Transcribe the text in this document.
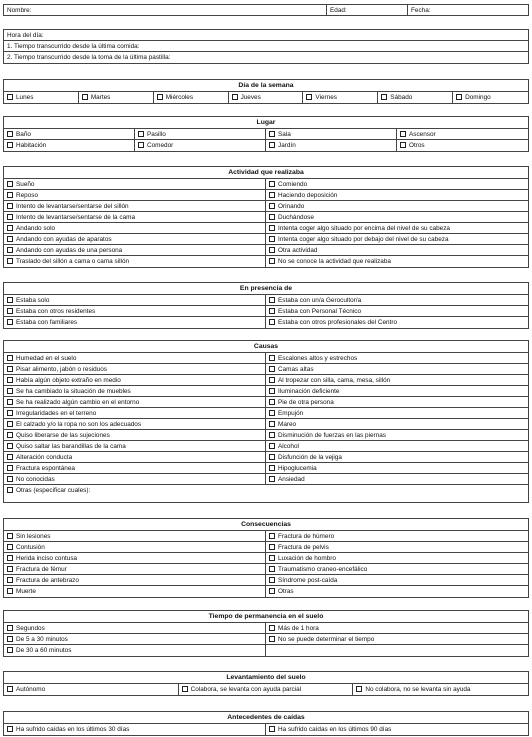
Nombre:	Edad:	Fecha:
Hora del día:
1. Tiempo transcurrido desde la última comida:
2. Tiempo transcurrido desde la toma de la última pastilla:
Día de la semana
Lunes	Martes	Miércoles	Jueves	Viernes	Sábado	Domingo
Lugar
Baño	Pasillo	Sala	Ascensor
Habitación	Comedor	Jardín	Otros
Actividad que realizaba
Sueño	Comiendo
Reposo	Haciendo deposición
Intento de levantarse/sentarse del sillón	Orinando
Intento de levantarse/sentarse de la cama	Duchándose
Andando solo	Intenta coger algo situado por encima del nivel de su cabeza
Andando con ayudas de aparatos	Intenta coger algo situado por debajo del nivel de su cabeza
Andando con ayudas de una persona	Otra actividad
Traslado del sillón a cama o cama sillón	No se conoce la actividad que realizaba
En presencia de
Estaba solo	Estaba con un/a Gerocultor/a
Estaba con otros residentes	Estaba con Personal Técnico
Estaba con familiares	Estaba con otros profesionales del Centro
Causas
Humedad en el suelo	Escalones altos y estrechos
Pisar alimento, jabón o residuos	Camas altas
Había algún objeto extraño en medio	Al tropezar con silla, cama, mesa, sillón
Se ha cambiado la situación de muebles	Iluminación deficiente
Se ha realizado algún cambio en el entorno	Pie de otra persona
Irregularidades en el terreno	Empujón
El calzado y/o la ropa no son los adecuados	Mareo
Quiso liberarse de las sujeciones	Disminución de fuerzas en las piernas
Quiso saltar las barandillas de la cama	Alcohol
Alteración conducta	Disfunción de la vejiga
Fractura espontánea	Hipoglucemia
No conocidas	Ansiedad
Otras (especificar cuales):
Consecuencias
Sin lesiones	Fractura de húmero
Contusión	Fractura de pelvis
Herida inciso contusa	Luxación de hombro
Fractura de fémur	Traumatismo craneo-encefálico
Fractura de antebrazo	Síndrome post-caída
Muerte	Otras
Tiempo de permanencia en el suelo
Segundos	Más de 1 hora
De 5 a 30 minutos	No se puede determinar el tiempo
De 30 a 60 minutos
Levantamiento del suelo
Autónomo	Colabora, se levanta con ayuda parcial	No colabora, no se levanta sin ayuda
Antecedentes de caídas
Ha sufrido caídas en los últimos 30 días	Ha sufrido caídas en los últimos 90 días
